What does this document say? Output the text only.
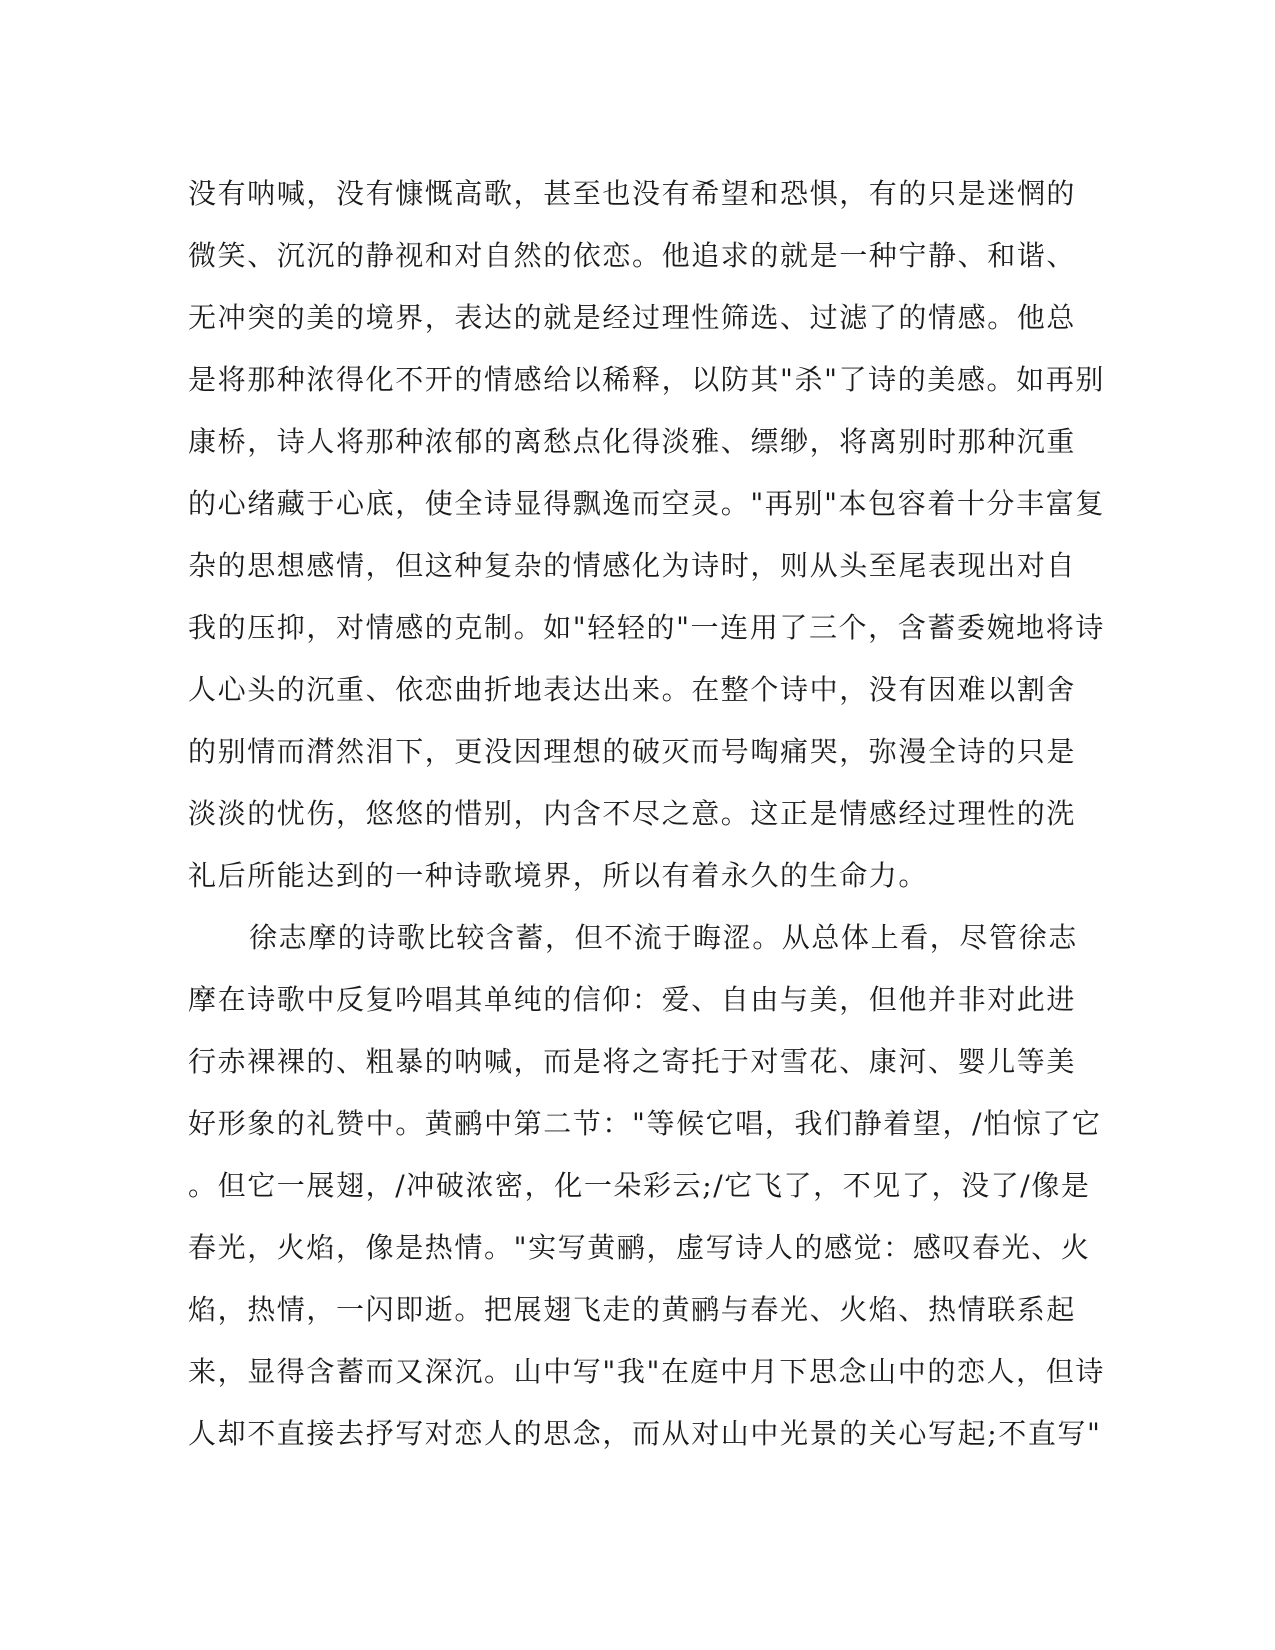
没有呐喊，没有慷慨高歌，甚至也没有希望和恐惧，有的只是迷惘的
微笑、沉沉的静视和对自然的依恋。他追求的就是一种宁静、和谐、
无冲突的美的境界，表达的就是经过理性筛选、过滤了的情感。他总
是将那种浓得化不开的情感给以稀释，以防其"杀"了诗的美感。如再别
康桥，诗人将那种浓郁的离愁点化得淡雅、缥缈，将离别时那种沉重
的心绪藏于心底，使全诗显得飘逸而空灵。"再别"本包容着十分丰富复
杂的思想感情，但这种复杂的情感化为诗时，则从头至尾表现出对自
我的压抑，对情感的克制。如"轻轻的"一连用了三个，含蓄委婉地将诗
人心头的沉重、依恋曲折地表达出来。在整个诗中，没有因难以割舍
的别情而潸然泪下，更没因理想的破灭而号啕痛哭，弥漫全诗的只是
淡淡的忧伤，悠悠的惜别，内含不尽之意。这正是情感经过理性的洗
礼后所能达到的一种诗歌境界，所以有着永久的生命力。
徐志摩的诗歌比较含蓄，但不流于晦涩。从总体上看，尽管徐志
摩在诗歌中反复吟唱其单纯的信仰：爱、自由与美，但他并非对此进
行赤裸裸的、粗暴的呐喊，而是将之寄托于对雪花、康河、婴儿等美
好形象的礼赞中。黄鹂中第二节："等候它唱，我们静着望，/怕惊了它
。但它一展翅，/冲破浓密，化一朵彩云;/它飞了，不见了，没了/像是
春光，火焰，像是热情。"实写黄鹂，虚写诗人的感觉：感叹春光、火
焰，热情，一闪即逝。把展翅飞走的黄鹂与春光、火焰、热情联系起
来，显得含蓄而又深沉。山中写"我"在庭中月下思念山中的恋人，但诗
人却不直接去抒写对恋人的思念，而从对山中光景的关心写起;不直写"
